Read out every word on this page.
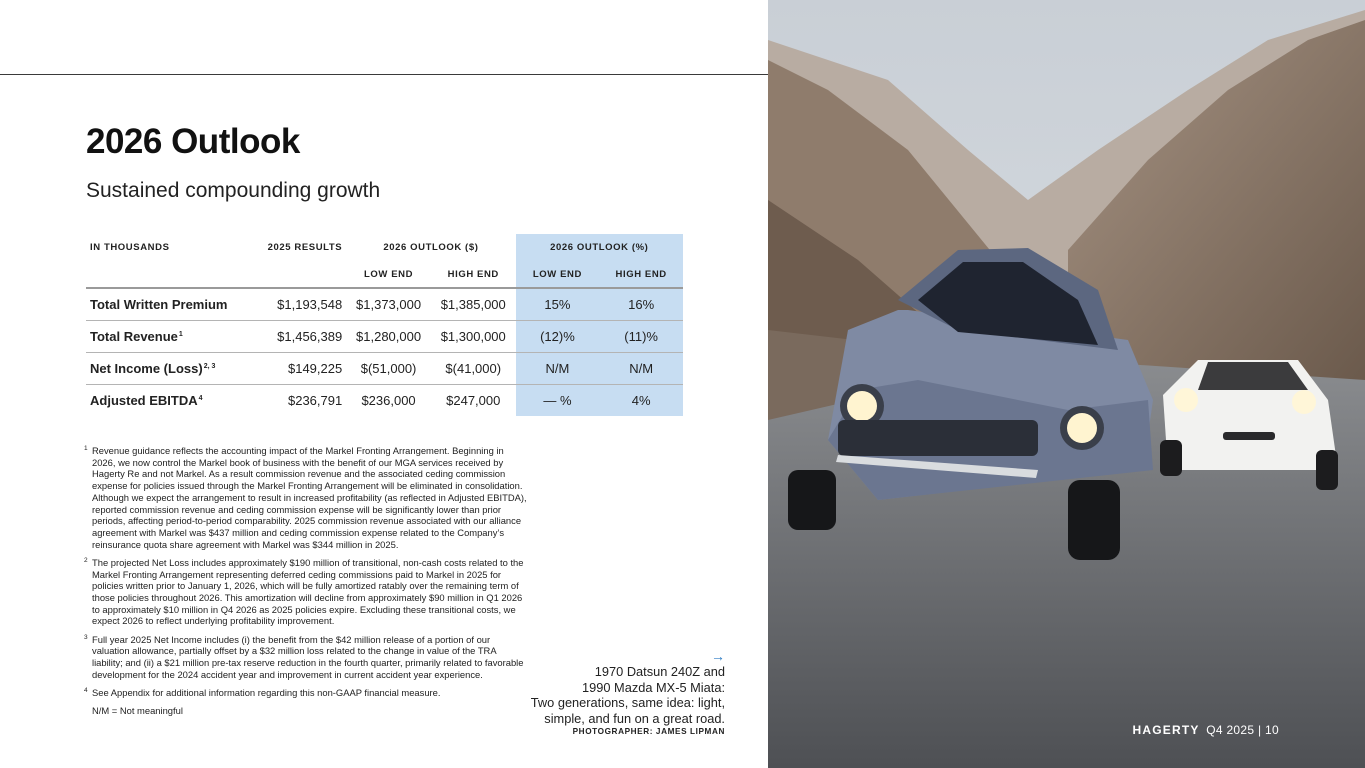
2026 Outlook
Sustained compounding growth
IN THOUSANDS	2025 RESULTS	2026 OUTLOOK ($)		2026 OUTLOOK (%)	
		LOW END	HIGH END	LOW END	HIGH END
Total Written Premium	$1,193,548	$1,373,000	$1,385,000	15%	16%
Total Revenue$^1$	$1,456,389	$1,280,000	$1,300,000	(12)%	(11)%
Net Income (Loss)$^{2, 3}$	$149,225	$(51,000)	$(41,000)	N/M	N/M
Adjusted EBITDA$^4$	$236,791	$236,000	$247,000	— %	4%

1 Revenue guidance reflects the accounting impact of the Markel Fronting Arrangement. Beginning in 2026, we now control the Markel book of business with the benefit of our MGA services received by Hagerty Re and not Markel. As a result commission revenue and the associated ceding commission expense for policies issued through the Markel Fronting Arrangement will be eliminated in consolidation. Although we expect the arrangement to result in increased profitability (as reflected in Adjusted EBITDA), reported commission revenue and ceding commission expense will be significantly lower than prior periods, affecting period-to-period comparability. 2025 commission revenue associated with our alliance agreement with Markel was $437 million and ceding commission expense related to the Company’s reinsurance quota share agreement with Markel was $344 million in 2025.

2 The projected Net Loss includes approximately $190 million of transitional, non-cash costs related to the Markel Fronting Arrangement representing deferred ceding commissions paid to Markel in 2025 for policies written prior to January 1, 2026, which will be fully amortized ratably over the remaining term of those policies throughout 2026. This amortization will decline from approximately $90 million in Q1 2026 to approximately $10 million in Q4 2026 as 2025 policies expire. Excluding these transitional costs, we expect 2026 to reflect underlying profitability improvement.

3 Full year 2025 Net Income includes (i) the benefit from the $42 million release of a portion of our valuation allowance, partially offset by a $32 million loss related to the change in value of the TRA liability; and (ii) a $21 million pre-tax reserve reduction in the fourth quarter, primarily related to favorable development for the 2024 accident year and improvement in current accident year experience.

4 See Appendix for additional information regarding this non-GAAP financial measure.

N/M = Not meaningful

→
1970 Datsun 240Z and
1990 Mazda MX-5 Miata:
Two generations, same idea: light,
simple, and fun on a great road.
PHOTOGRAPHER: JAMES LIPMAN	HAGERTY Q4 2025 | 10
